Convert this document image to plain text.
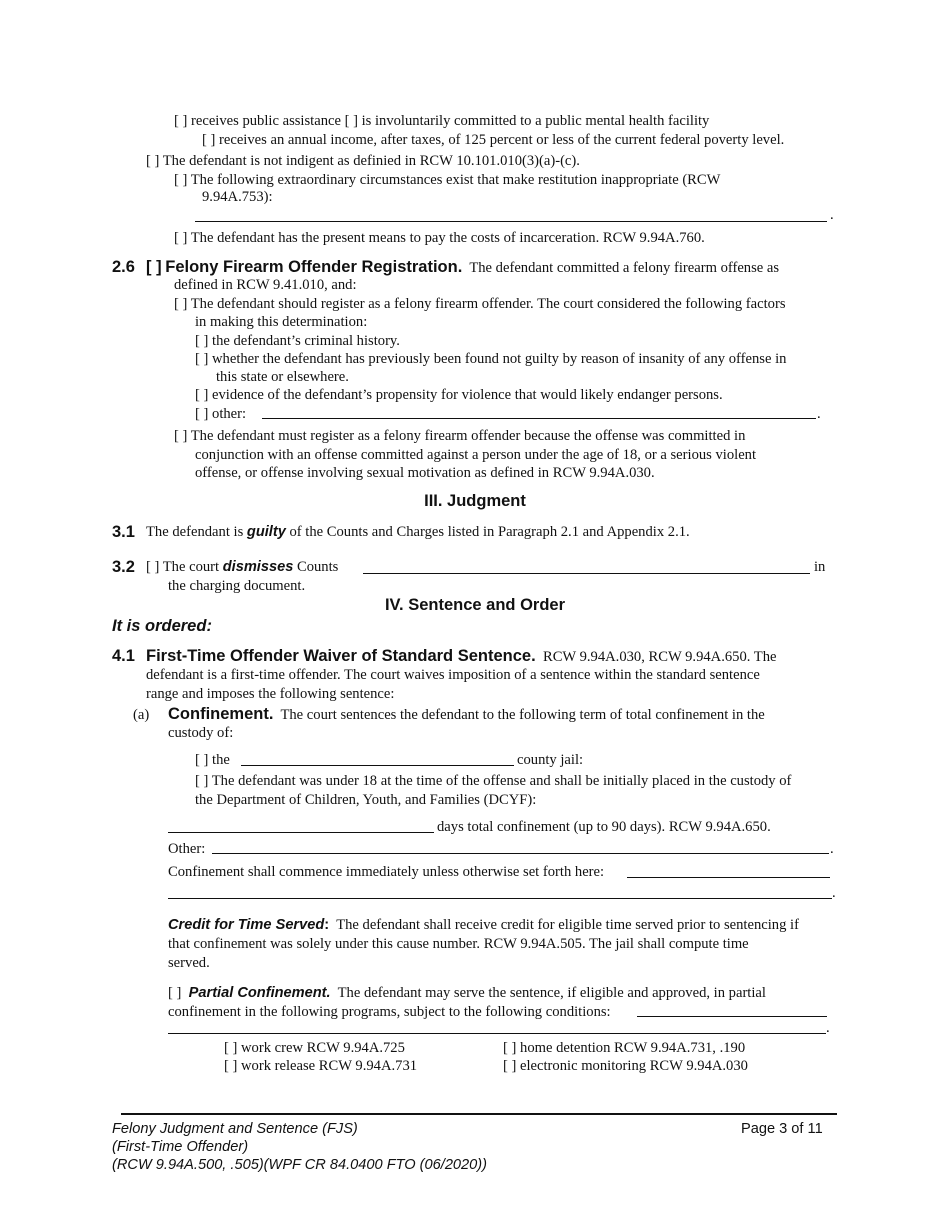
[ ] receives public assistance [ ] is involuntarily committed to a public mental health facility
[ ] receives an annual income, after taxes, of 125 percent or less of the current federal poverty level.
[ ] The defendant is not indigent as definied in RCW 10.101.010(3)(a)-(c).
[ ] The following extraordinary circumstances exist that make restitution inappropriate (RCW
9.94A.753):
.
[ ] The defendant has the present means to pay the costs of incarceration. RCW 9.94A.760.
2.6 [ ] Felony Firearm Offender Registration. The defendant committed a felony firearm offense as
defined in RCW 9.41.010, and:
[ ] The defendant should register as a felony firearm offender. The court considered the following factors
in making this determination:
[ ] the defendant’s criminal history.
[ ] whether the defendant has previously been found not guilty by reason of insanity of any offense in
this state or elsewhere.
[ ] evidence of the defendant’s propensity for violence that would likely endanger persons.
[ ] other:	.
[ ] The defendant must register as a felony firearm offender because the offense was committed in
conjunction with an offense committed against a person under the age of 18, or a serious violent
offense, or offense involving sexual motivation as defined in RCW 9.94A.030.
III. Judgment
3.1 The defendant is guilty of the Counts and Charges listed in Paragraph 2.1 and Appendix 2.1.
3.2 [ ] The court dismisses Counts	in
the charging document.
IV. Sentence and Order
It is ordered:
4.1 First-Time Offender Waiver of Standard Sentence. RCW 9.94A.030, RCW 9.94A.650. The
defendant is a first-time offender. The court waives imposition of a sentence within the standard sentence
range and imposes the following sentence:
(a) Confinement. The court sentences the defendant to the following term of total confinement in the
custody of:
[ ] the	county jail:
[ ] The defendant was under 18 at the time of the offense and shall be initially placed in the custody of
the Department of Children, Youth, and Families (DCYF):
days total confinement (up to 90 days). RCW 9.94A.650.
Other:	.
Confinement shall commence immediately unless otherwise set forth here:
.
Credit for Time Served: The defendant shall receive credit for eligible time served prior to sentencing if
that confinement was solely under this cause number. RCW 9.94A.505. The jail shall compute time
served.
[ ] Partial Confinement. The defendant may serve the sentence, if eligible and approved, in partial
confinement in the following programs, subject to the following conditions:
.
[ ] work crew RCW 9.94A.725	[ ] home detention RCW 9.94A.731, .190
[ ] work release RCW 9.94A.731	[ ] electronic monitoring RCW 9.94A.030
Felony Judgment and Sentence (FJS)
(First-Time Offender)
(RCW 9.94A.500, .505)(WPF CR 84.0400 FTO (06/2020))
Page 3 of 11
